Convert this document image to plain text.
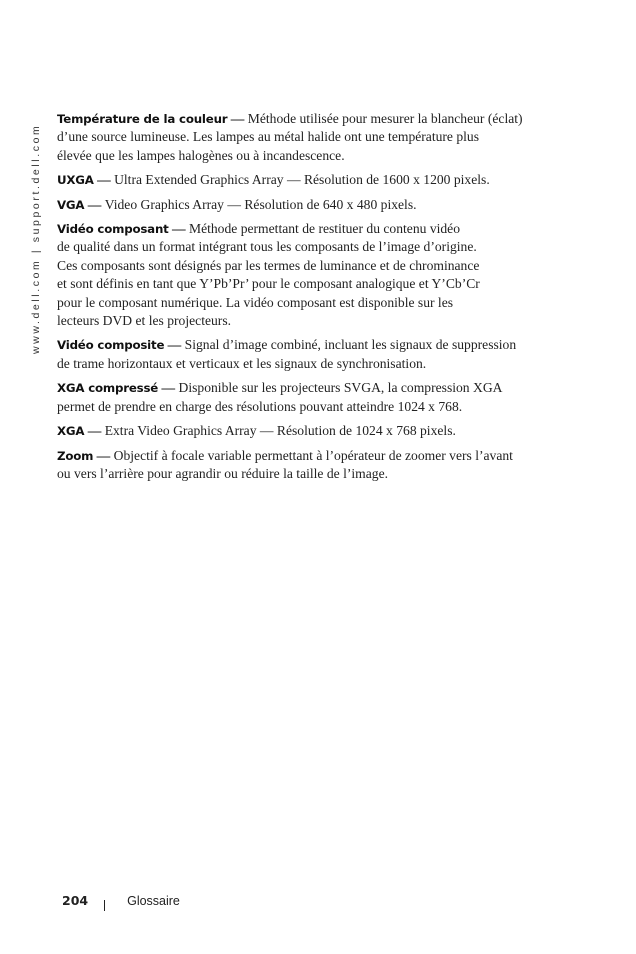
www.dell.com | support.dell.com

Température de la couleur — Méthode utilisée pour mesurer la blancheur (éclat)
d’une source lumineuse. Les lampes au métal halide ont une température plus
élevée que les lampes halogènes ou à incandescence.

UXGA — Ultra Extended Graphics Array — Résolution de 1600 x 1200 pixels.

VGA — Video Graphics Array — Résolution de 640 x 480 pixels.

Vidéo composant — Méthode permettant de restituer du contenu vidéo
de qualité dans un format intégrant tous les composants de l’image d’origine.
Ces composants sont désignés par les termes de luminance et de chrominance
et sont définis en tant que Y’Pb’Pr’ pour le composant analogique et Y’Cb’Cr
pour le composant numérique. La vidéo composant est disponible sur les
lecteurs DVD et les projecteurs.

Vidéo composite — Signal d’image combiné, incluant les signaux de suppression
de trame horizontaux et verticaux et les signaux de synchronisation.

XGA compressé — Disponible sur les projecteurs SVGA, la compression XGA
permet de prendre en charge des résolutions pouvant atteindre 1024 x 768.

XGA — Extra Video Graphics Array — Résolution de 1024 x 768 pixels.

Zoom — Objectif à focale variable permettant à l’opérateur de zoomer vers l’avant
ou vers l’arrière pour agrandir ou réduire la taille de l’image.

204	Glossaire
